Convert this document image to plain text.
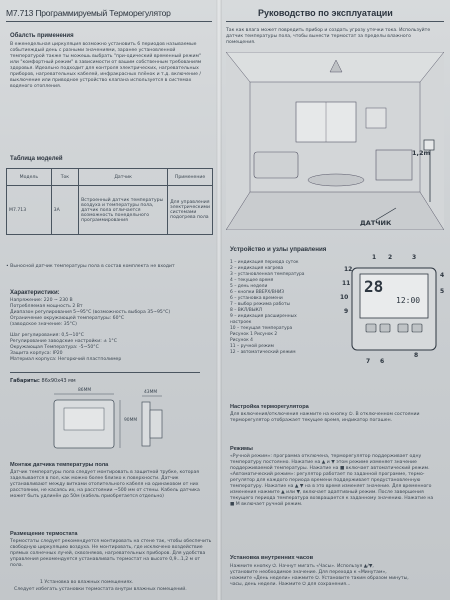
M7.713 Программируемый Терморегулятор
Обалсть применения
В еженедельная циркуляция возможно установить 6 периодов называемые событиеждый день с разными значениями, заранее установленной температурой также ты можешь выбрать "при-одический временный режим" или "комфортный режим" в зависимости от вашим собственным требованиям здоровья. Идеально подходит для контроля электрических, нагревательных приборов, нагревательных кабелей, инфракрасных плёнок и т.д. включение / выключение или приводное устройство клапана используется в системах водяного отопления.
Таблица моделей
Модель	Ток	Датчик	Применение
M7.713	3A	Встроенный датчик температуры воздуха и температуры пола, датчик пола отличается возможность понедельного программирования	Для управления электрическими системами подогрева пола
• Выносной датчик температуры пола в состав комплекта не входит
Характеристики:
Напряжение: 220 ~ 230 В
Потребляемая мощность 2 Вт
Диапазон регулирования 5~95°С (возможность выбора 35~95°С)
Ограничение окружающей температуры: 60°С
(заводское значение: 35°С)
Шаг регулирования: 0,5~10°С
Регулирование заводские настройки: ± 1°С
Окружающая Температура: -5~50°С
Защита корпуса: IP20
Материал корпуса: Негорючий пластполимер
Габариты: 86x90x43 мм
86MM
90MM
43MM
Монтаж датчика температуры пола
Датчик температуры пола следует монтировать в защитной трубке, которая заделывается в пол, как можно более близко к поверхности. Датчик устанавливают между витками отопительного кабеля на одинаковом от них расстоянии, не касаясь их, на расстоянии ~500 мм от стены. Кабель датчика может быть удлинён до 50м (кабель приобретается отдельно)
Размещение термостата
Термостаты следует рекомендуется монтировать на стене так, чтобы обеспечить свободную циркуляцию воздуха. Не монтировать, где исключено воздействие прямых солнечных лучей, сквозняков, нагревательных приборов. Для удобства управления рекомендуется устанавливать термостат на высоте 0,9...1,2 м от пола.
1 Установка во влажных помещениях.
Следует избегать установки термостата внутри влажных помещений.
Руководство по эксплуатации
Так как влага может повредить прибор и создать угрозу утечки тока. Используйте датчик температуры пола, чтобы вынести термостат за пределы влажного помещения.
1,2m
ДАТЧИК
Устройство и узлы управления
1 – индикация периода суток
2 – индикация нагрева
3 – установленная температура
4 – текущее время
5 – день недели
6 – кнопки ВВЕРХ/ВНИЗ
6 – установка времени
7 – выбор режима работы
8 – ВКЛ/ВЫКЛ
9 – индикация расширенных
настроек
10 – текущая температура
Рисунок 1 Рисунок 2
Рисунок 4
11 – ручной режим
12 – автоматический режим
28
12:00
12
11
10
9
1 2	3
4
5
6
7
8
Настройка терморегулятора
Для включения/отключения нажмите на кнопку ⏻. В отключенном состоянии терморегулятор отображает текущее время, индикатор погашен.
Режимы
«Ручной режим»: программа отключена, терморегулятор поддерживает одну температуру постоянно. Нажатие на ▲ и ▼ этом режиме изменяет значение поддерживаемой температуры. Нажатие на ■ включает автоматический режим. «Автоматический режим»: регулятор работает по заданной программе, термо-регулятор для каждого периода времени поддерживает предустановленную температуру. Нажатие на ▲ ▼ на в это время изменяет значение. Для временного изменения нажмите ▲ или ▼, включает адаптивный режим. После завершения текущего периода температура возвращается к заданному значению. Нажатие на ■ М включает ручной режим.
Установка внутренних часов
Нажмите кнопку ⏻. Начнут мигать «Часы». Используя ▲/▼,
установите необходимое значение. Для перехода к «Минутам»,
нажмите «День недели» нажмите ⏻. Установите таким образом минуты,
часы, день недели. Нажмите ⏻ для сохранения...
